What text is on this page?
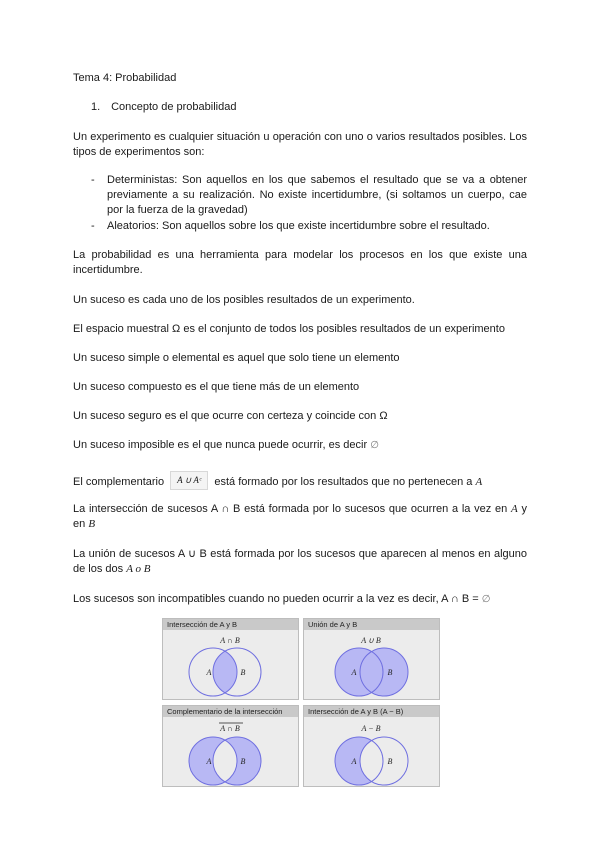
Tema 4: Probabilidad

1. Concepto de probabilidad

Un experimento es cualquier situación u operación con uno o varios resultados posibles. Los tipos de experimentos son:

- Deterministas: Son aquellos en los que sabemos el resultado que se va a obtener previamente a su realización. No existe incertidumbre, (si soltamos un cuerpo, cae por la fuerza de la gravedad)
- Aleatorios: Son aquellos sobre los que existe incertidumbre sobre el resultado.

La probabilidad es una herramienta para modelar los procesos en los que existe una incertidumbre.

Un suceso es cada uno de los posibles resultados de un experimento.

El espacio muestral Ω es el conjunto de todos los posibles resultados de un experimento

Un suceso simple o elemental es aquel que solo tiene un elemento

Un suceso compuesto es el que tiene más de un elemento

Un suceso seguro es el que ocurre con certeza y coincide con Ω

Un suceso imposible es el que nunca puede ocurrir, es decir ∅

El complementario A ∪ Aᶜ está formado por los resultados que no pertenecen a A

La intersección de sucesos A ∩ B está formada por lo sucesos que ocurren a la vez en A y en B

La unión de sucesos A ∪ B está formada por los sucesos que aparecen al menos en alguno de los dos A o B

Los sucesos son incompatibles cuando no pueden ocurrir a la vez es decir, A ∩ B = ∅

Intersección de A y B
A ∩ B
A	B
Unión de A y B
A ∪ B
A	B
Complementario de la intersección
A ∩ B
A	B
Intersección de A y B (A − B)
A − B
A	B
